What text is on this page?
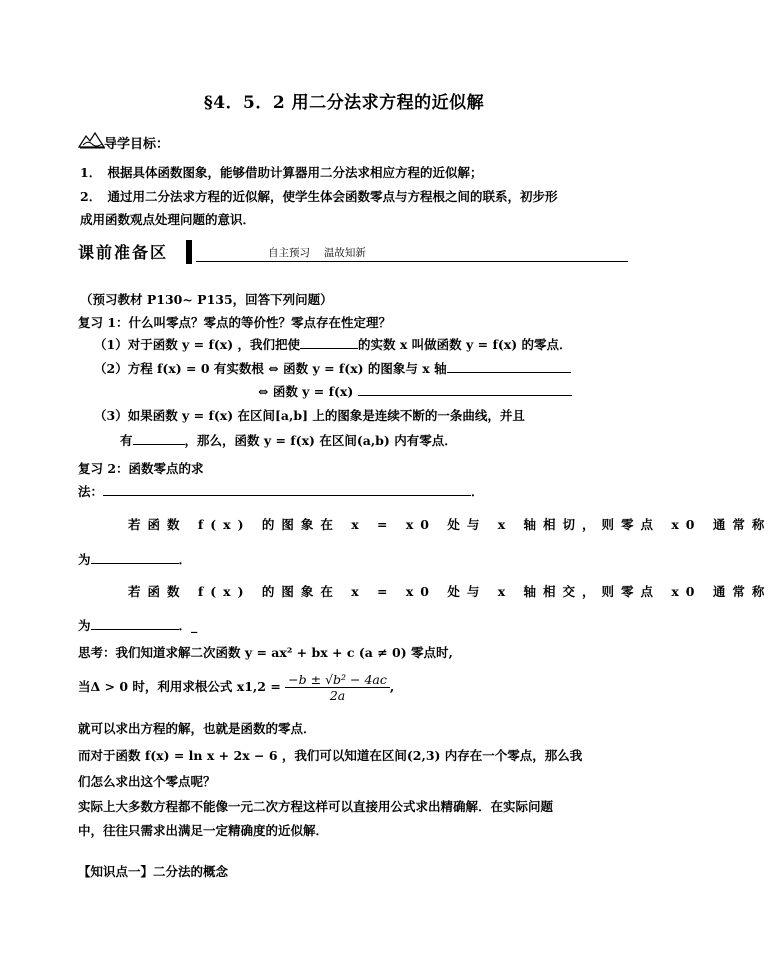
§4．5．2 用二分法求方程的近似解
导学目标：
1．　根据具体函数图象，能够借助计算器用二分法求相应方程的近似解；
2．　通过用二分法求方程的近似解，使学生体会函数零点与方程根之间的联系，初步形
成用函数观点处理问题的意识．
课前准备区	自主预习　 温故知新
（预习教材 P130~ P135，回答下列问题）
复习 1：什么叫零点？零点的等价性？零点存在性定理？
（1）对于函数 y = f(x) ，我们把使	的实数 x 叫做函数 y = f(x) 的零点．
（2）方程 f(x) = 0 有实数根 ⇔ 函数 y = f(x) 的图象与 x 轴
⇔ 函数 y = f(x)
（3）如果函数 y = f(x) 在区间[a,b] 上的图象是连续不断的一条曲线，并且
有	，那么，函数 y = f(x) 在区间(a,b) 内有零点．
复习 2：函数零点的求
法：	．
若函数 f(x) 的图象在 x = x0 处与 x 轴相切，则零点 x0 通常称
为	．
若函数 f(x) 的图象在 x = x0 处与 x 轴相交，则零点 x0 通常称
为	．_
思考：我们知道求解二次函数 y = ax² + bx + c (a ≠ 0) 零点时,
当Δ > 0 时，利用求根公式 $x1,2 = \frac{\text{−b ± √b² − 4ac}}{2a}$ ,
就可以求出方程的解，也就是函数的零点．
而对于函数 f(x) = ln x + 2x − 6 ，我们可以知道在区间(2,3) 内存在一个零点，那么我
们怎么求出这个零点呢？
实际上大多数方程都不能像一元二次方程这样可以直接用公式求出精确解．在实际问题
中，往往只需求出满足一定精确度的近似解．
【知识点一】二分法的概念
